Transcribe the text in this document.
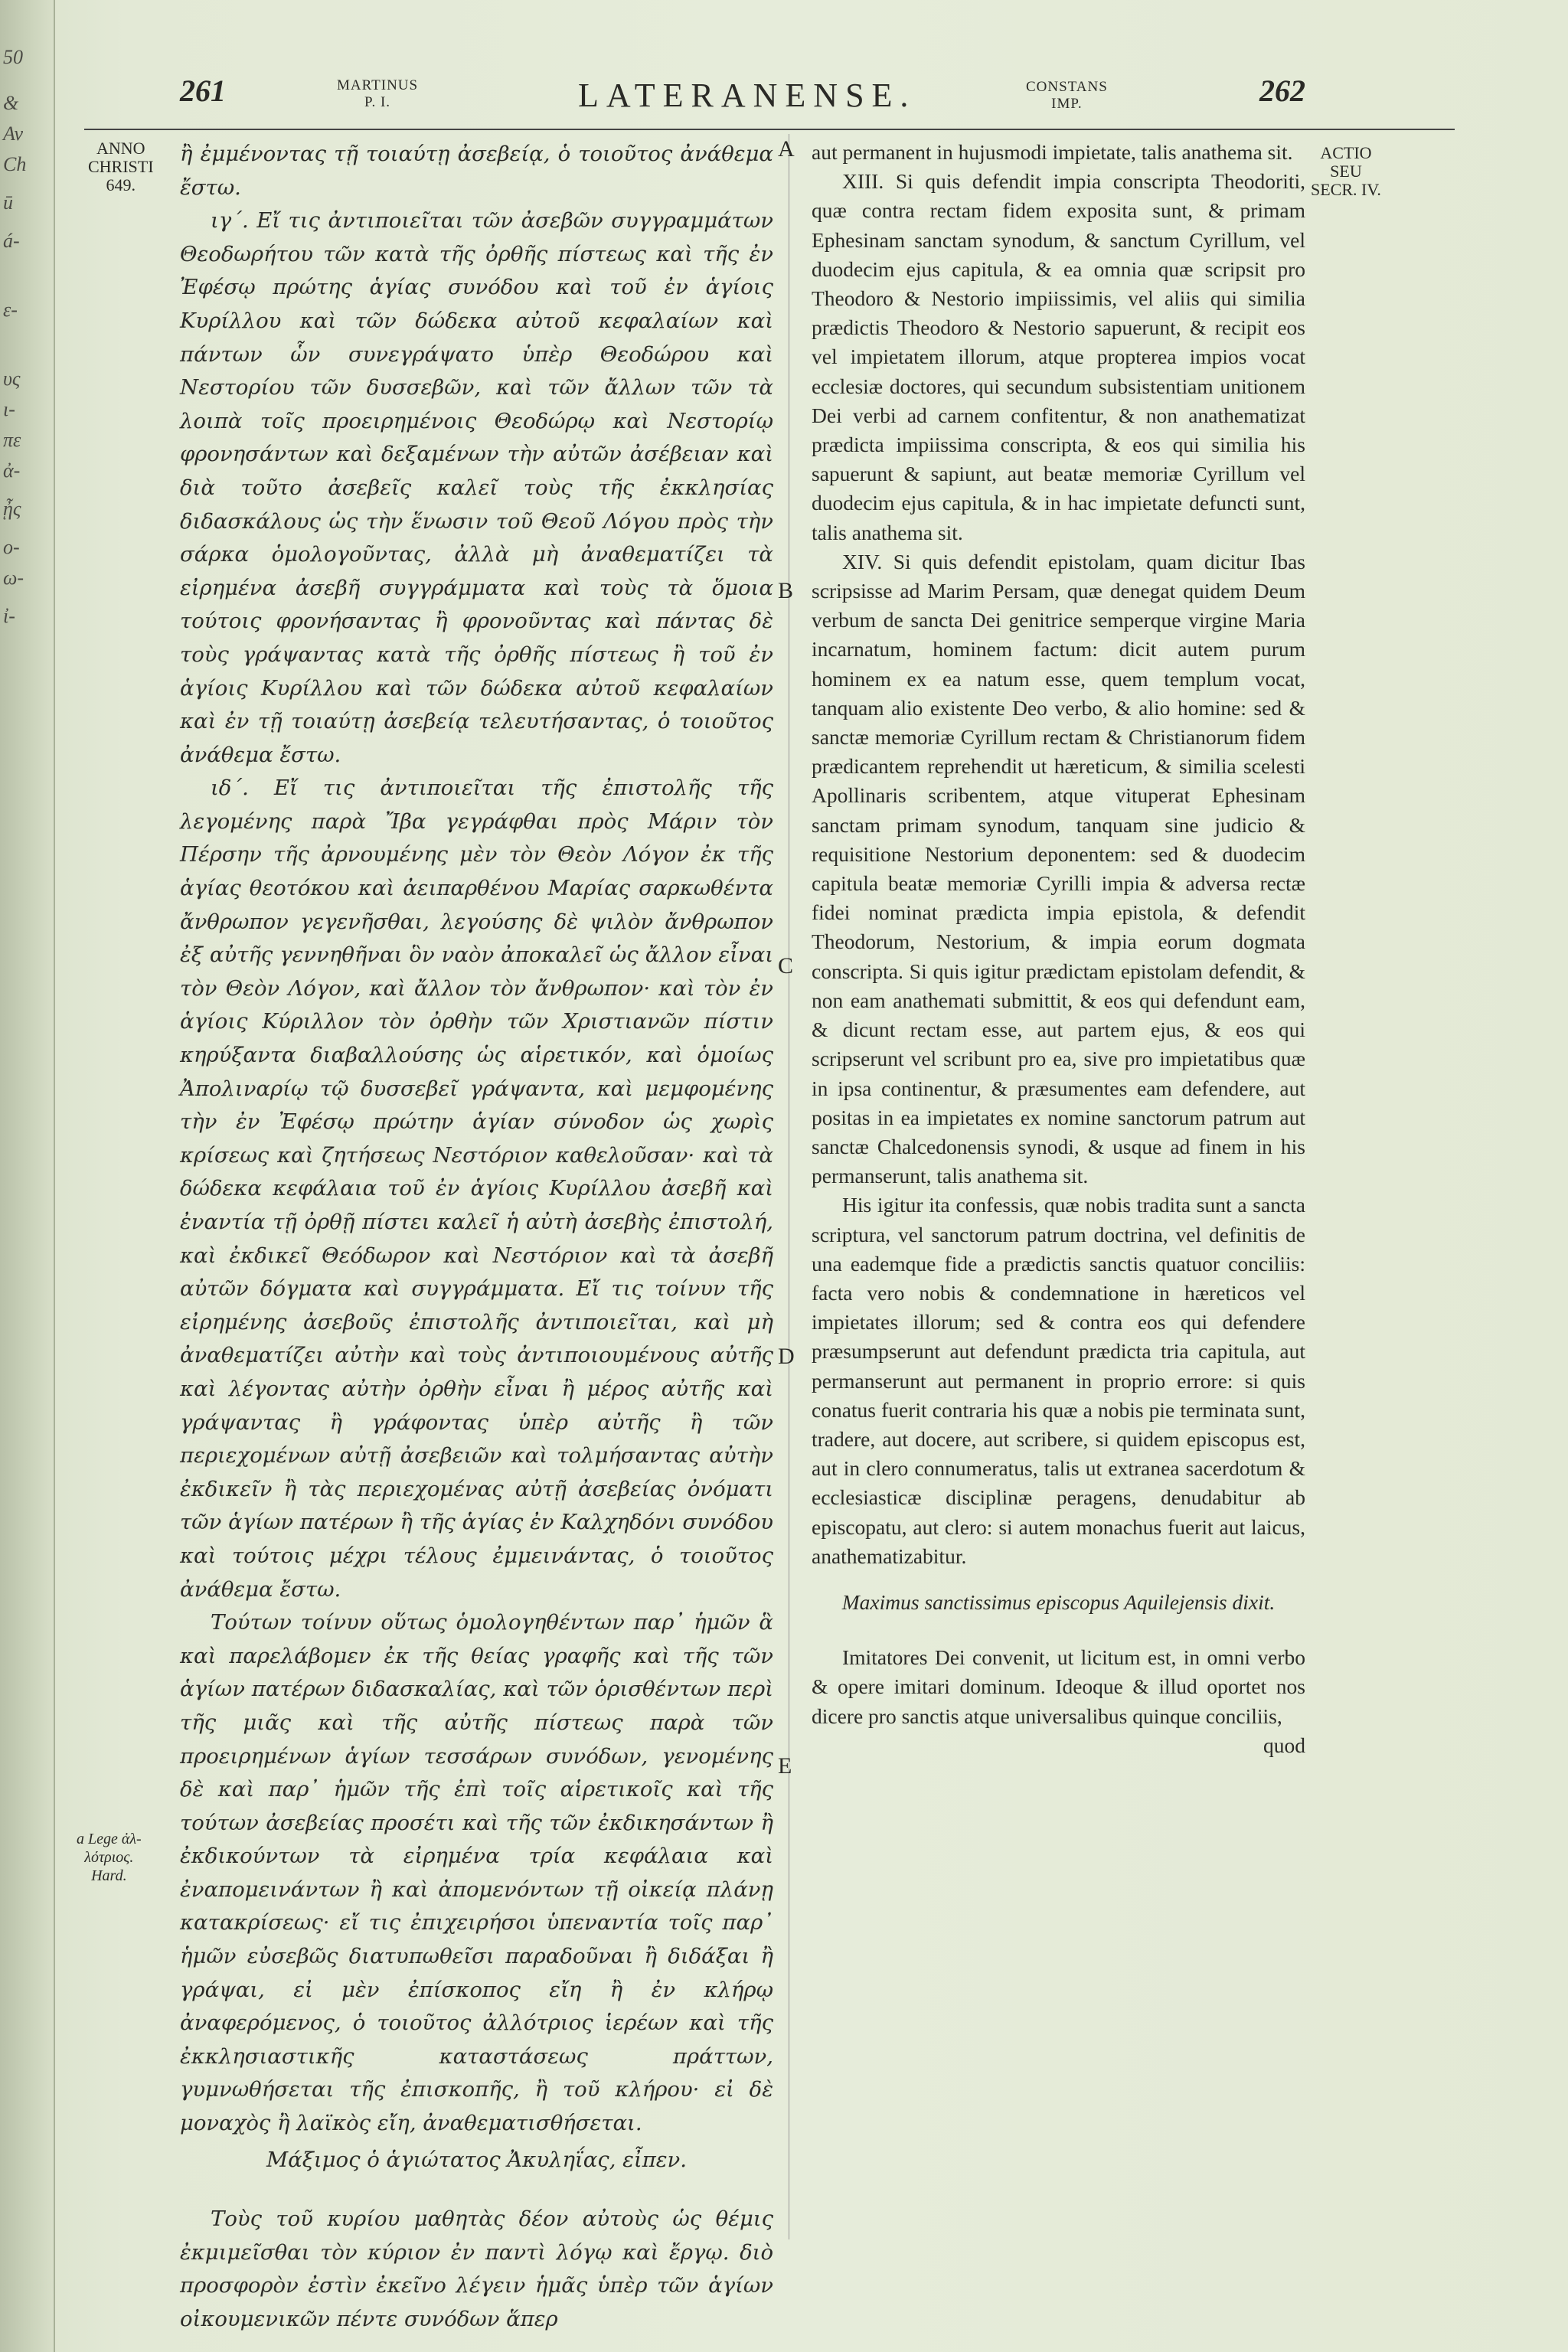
50
&
Αν
Ch
ū
á-
ε-
υς
ι-
πε
ἀ-
ᾖς
ο-
ω-
ἰ-
261	MARTINUS
P. I.	LATERANENSE.	CONSTANS
IMP.	262
ANNO
CHRISTI
649.
ACTIO
SEU
SECR. IV.
a Lege ἀλ-
λότριος.
Hard.
A
B
C
D
E

ἢ ἐμμένοντας τῇ τοιαύτῃ ἀσεβείᾳ, ὁ τοιοῦτος ἀνάθεμα ἔστω.

ιγ΄. Εἴ τις ἀντιποιεῖται τῶν ἀσεβῶν συγγραμμάτων Θεοδωρήτου τῶν κατὰ τῆς ὀρθῆς πίστεως καὶ τῆς ἐν Ἐφέσῳ πρώτης ἁγίας συνόδου καὶ τοῦ ἐν ἁγίοις Κυρίλλου καὶ τῶν δώδεκα αὐτοῦ κεφαλαίων καὶ πάντων ὧν συνεγράψατο ὑπὲρ Θεοδώρου καὶ Νεστορίου τῶν δυσσεβῶν, καὶ τῶν ἄλλων τῶν τὰ λοιπὰ τοῖς προειρημένοις Θεοδώρῳ καὶ Νεστορίῳ φρονησάντων καὶ δεξαμένων τὴν αὐτῶν ἀσέβειαν καὶ διὰ τοῦτο ἀσεβεῖς καλεῖ τοὺς τῆς ἐκκλησίας διδασκάλους ὡς τὴν ἕνωσιν τοῦ Θεοῦ Λόγου πρὸς τὴν σάρκα ὁμολογοῦντας, ἀλλὰ μὴ ἀναθεματίζει τὰ εἰρημένα ἀσεβῆ συγγράμματα καὶ τοὺς τὰ ὅμοια τούτοις φρονήσαντας ἢ φρονοῦντας καὶ πάντας δὲ τοὺς γράψαντας κατὰ τῆς ὀρθῆς πίστεως ἢ τοῦ ἐν ἁγίοις Κυρίλλου καὶ τῶν δώδεκα αὐτοῦ κεφαλαίων καὶ ἐν τῇ τοιαύτῃ ἀσεβείᾳ τελευτήσαντας, ὁ τοιοῦτος ἀνάθεμα ἔστω.

ιδ΄. Εἴ τις ἀντιποιεῖται τῆς ἐπιστολῆς τῆς λεγομένης παρὰ Ἴβα γεγράφθαι πρὸς Μάριν τὸν Πέρσην τῆς ἀρνουμένης μὲν τὸν Θεὸν Λόγον ἐκ τῆς ἁγίας θεοτόκου καὶ ἀειπαρθένου Μαρίας σαρκωθέντα ἄνθρωπον γεγενῆσθαι, λεγούσης δὲ ψιλὸν ἄνθρωπον ἐξ αὐτῆς γεννηθῆναι ὃν ναὸν ἀποκαλεῖ ὡς ἄλλον εἶναι τὸν Θεὸν Λόγον, καὶ ἄλλον τὸν ἄνθρωπον· καὶ τὸν ἐν ἁγίοις Κύριλλον τὸν ὀρθὴν τῶν Χριστιανῶν πίστιν κηρύξαντα διαβαλλούσης ὡς αἱρετικόν, καὶ ὁμοίως Ἀπολιναρίῳ τῷ δυσσεβεῖ γράψαντα, καὶ μεμφομένης τὴν ἐν Ἐφέσῳ πρώτην ἁγίαν σύνοδον ὡς χωρὶς κρίσεως καὶ ζητήσεως Νεστόριον καθελοῦσαν· καὶ τὰ δώδεκα κεφάλαια τοῦ ἐν ἁγίοις Κυρίλλου ἀσεβῆ καὶ ἐναντία τῇ ὀρθῇ πίστει καλεῖ ἡ αὐτὴ ἀσεβὴς ἐπιστολή, καὶ ἐκδικεῖ Θεόδωρον καὶ Νεστόριον καὶ τὰ ἀσεβῆ αὐτῶν δόγματα καὶ συγγράμματα. Εἴ τις τοίνυν τῆς εἰρημένης ἀσεβοῦς ἐπιστολῆς ἀντιποιεῖται, καὶ μὴ ἀναθεματίζει αὐτὴν καὶ τοὺς ἀντιποιουμένους αὐτῆς καὶ λέγοντας αὐτὴν ὀρθὴν εἶναι ἢ μέρος αὐτῆς καὶ γράψαντας ἢ γράφοντας ὑπὲρ αὐτῆς ἢ τῶν περιεχομένων αὐτῇ ἀσεβειῶν καὶ τολμήσαντας αὐτὴν ἐκδικεῖν ἢ τὰς περιεχομένας αὐτῇ ἀσεβείας ὀνόματι τῶν ἁγίων πατέρων ἢ τῆς ἁγίας ἐν Καλχηδόνι συνόδου καὶ τούτοις μέχρι τέλους ἐμμεινάντας, ὁ τοιοῦτος ἀνάθεμα ἔστω.

Τούτων τοίνυν οὕτως ὁμολογηθέντων παρ᾽ ἡμῶν ἃ καὶ παρελάβομεν ἐκ τῆς θείας γραφῆς καὶ τῆς τῶν ἁγίων πατέρων διδασκαλίας, καὶ τῶν ὁρισθέντων περὶ τῆς μιᾶς καὶ τῆς αὐτῆς πίστεως παρὰ τῶν προειρημένων ἁγίων τεσσάρων συνόδων, γενομένης δὲ καὶ παρ᾽ ἡμῶν τῆς ἐπὶ τοῖς αἱρετικοῖς καὶ τῆς τούτων ἀσεβείας προσέτι καὶ τῆς τῶν ἐκδικησάντων ἢ ἐκδικούντων τὰ εἰρημένα τρία κεφάλαια καὶ ἐναπομεινάντων ἢ καὶ ἀπομενόντων τῇ οἰκείᾳ πλάνῃ κατακρίσεως· εἴ τις ἐπιχειρήσοι ὑπεναντία τοῖς παρ᾽ ἡμῶν εὐσεβῶς διατυπωθεῖσι παραδοῦναι ἢ διδάξαι ἢ γράψαι, εἰ μὲν ἐπίσκοπος εἴη ἢ ἐν κλήρῳ ἀναφερόμενος, ὁ τοιοῦτος ἀλλότριος ἱερέων καὶ τῆς ἐκκλησιαστικῆς καταστάσεως πράττων, γυμνωθήσεται τῆς ἐπισκοπῆς, ἢ τοῦ κλήρου· εἰ δὲ μοναχὸς ἢ λαϊκὸς εἴη, ἀναθεματισθήσεται.

Μάξιμος ὁ ἁγιώτατος Ἀκυληΐας, εἶπεν.

Τοὺς τοῦ κυρίου μαθητὰς δέον αὐτοὺς ὡς θέμις ἐκμιμεῖσθαι τὸν κύριον ἐν παντὶ λόγῳ καὶ ἔργῳ. διὸ προσφορὸν ἐστὶν ἐκεῖνο λέγειν ἡμᾶς ὑπὲρ τῶν ἁγίων οἰκουμενικῶν πέντε συνόδων ἅπερ

aut permanent in hujusmodi impietate, talis anathema sit.

XIII. Si quis defendit impia conscripta Theodoriti, quæ contra rectam fidem exposita sunt, & primam Ephesinam sanctam synodum, & sanctum Cyrillum, vel duodecim ejus capitula, & ea omnia quæ scripsit pro Theodoro & Nestorio impiissimis, vel aliis qui similia prædictis Theodoro & Nestorio sapuerunt, & recipit eos vel impietatem illorum, atque propterea impios vocat ecclesiæ doctores, qui secundum subsistentiam unitionem Dei verbi ad carnem confitentur, & non anathematizat prædicta impiissima conscripta, & eos qui similia his sapuerunt & sapiunt, aut beatæ memoriæ Cyrillum vel duodecim ejus capitula, & in hac impietate defuncti sunt, talis anathema sit.

XIV. Si quis defendit epistolam, quam dicitur Ibas scripsisse ad Marim Persam, quæ denegat quidem Deum verbum de sancta Dei genitrice semperque virgine Maria incarnatum, hominem factum: dicit autem purum hominem ex ea natum esse, quem templum vocat, tanquam alio existente Deo verbo, & alio homine: sed & sanctæ memoriæ Cyrillum rectam & Christianorum fidem prædicantem reprehendit ut hæreticum, & similia scelesti Apollinaris scribentem, atque vituperat Ephesinam sanctam primam synodum, tanquam sine judicio & requisitione Nestorium deponentem: sed & duodecim capitula beatæ memoriæ Cyrilli impia & adversa rectæ fidei nominat prædicta impia epistola, & defendit Theodorum, Nestorium, & impia eorum dogmata conscripta. Si quis igitur prædictam epistolam defendit, & non eam anathemati submittit, & eos qui defendunt eam, & dicunt rectam esse, aut partem ejus, & eos qui scripserunt vel scribunt pro ea, sive pro impietatibus quæ in ipsa continentur, & præsumentes eam defendere, aut positas in ea impietates ex nomine sanctorum patrum aut sanctæ Chalcedonensis synodi, & usque ad finem in his permanserunt, talis anathema sit.

His igitur ita confessis, quæ nobis tradita sunt a sancta scriptura, vel sanctorum patrum doctrina, vel definitis de una eademque fide a prædictis sanctis quatuor conciliis: facta vero nobis & condemnatione in hæreticos vel impietates illorum; sed & contra eos qui defendere præsumpserunt aut defendunt prædicta tria capitula, aut permanserunt aut permanent in proprio errore: si quis conatus fuerit contraria his quæ a nobis pie terminata sunt, tradere, aut docere, aut scribere, si quidem episcopus est, aut in clero connumeratus, talis ut extranea sacerdotum & ecclesiasticæ disciplinæ peragens, denudabitur ab episcopatu, aut clero: si autem monachus fuerit aut laicus, anathematizabitur.

Maximus sanctissimus episcopus Aquilejensis dixit.

Imitatores Dei convenit, ut licitum est, in omni verbo & opere imitari dominum. Ideoque & illud oportet nos dicere pro sanctis atque universalibus quinque conciliis,

quod
